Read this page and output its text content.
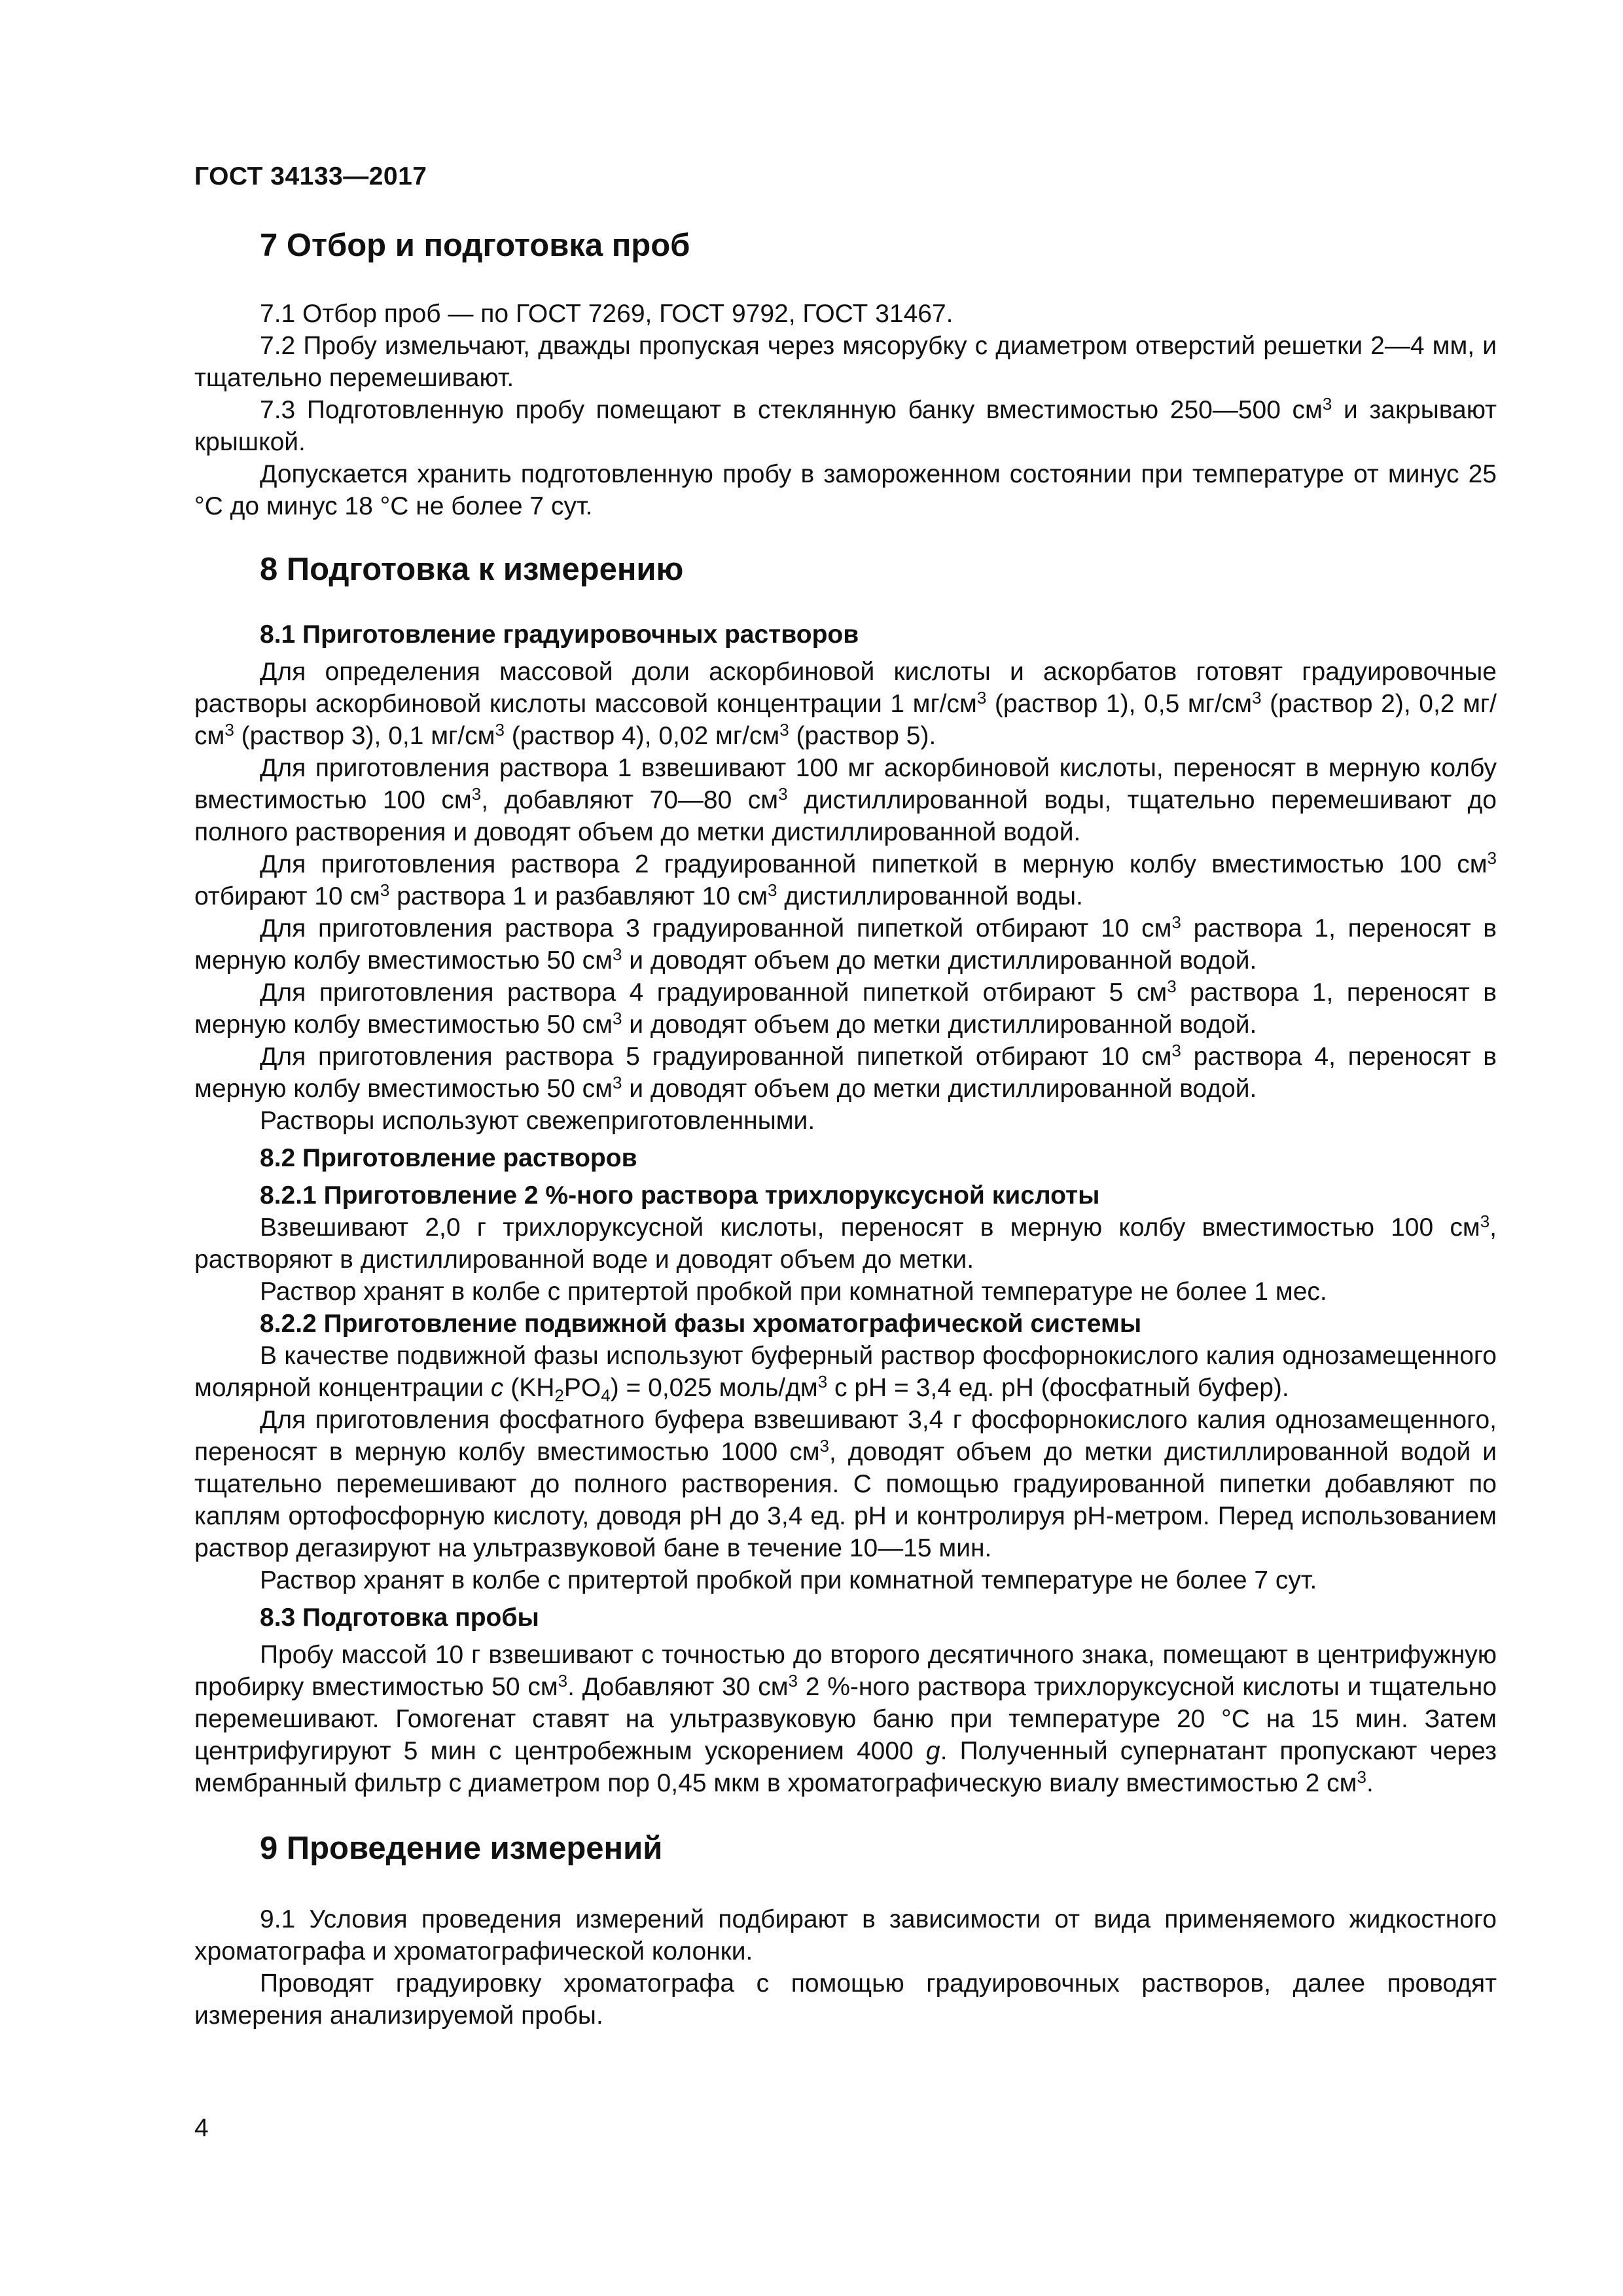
ГОСТ 34133—2017
7 Отбор и подготовка проб

7.1 Отбор проб — по ГОСТ 7269, ГОСТ 9792, ГОСТ 31467.

7.2 Пробу измельчают, дважды пропуская через мясорубку с диаметром отверстий решетки 2—4 мм, и тщательно перемешивают.

7.3 Подготовленную пробу помещают в стеклянную банку вместимостью 250—500 $см^3$ и закрывают крышкой.

Допускается хранить подготовленную пробу в замороженном состоянии при температуре от минус 25 °С до минус 18 °С не более 7 сут.

8 Подготовка к измерению
8.1 Приготовление градуировочных растворов

Для определения массовой доли аскорбиновой кислоты и аскорбатов готовят градуировочные растворы аскорбиновой кислоты массовой концентрации 1 $мг/см^3$ (раствор 1), 0,5 $мг/см^3$ (раствор 2), 0,2 $мг/см^3$ (раствор 3), 0,1 $мг/см^3$ (раствор 4), 0,02 $мг/см^3$ (раствор 5).

Для приготовления раствора 1 взвешивают 100 мг аскорбиновой кислоты, переносят в мерную колбу вместимостью 100 $см^3$, добавляют 70—80 $см^3$ дистиллированной воды, тщательно перемешивают до полного растворения и доводят объем до метки дистиллированной водой.

Для приготовления раствора 2 градуированной пипеткой в мерную колбу вместимостью 100 $см^3$ отбирают 10 $см^3$ раствора 1 и разбавляют 10 $см^3$ дистиллированной воды.

Для приготовления раствора 3 градуированной пипеткой отбирают 10 $см^3$ раствора 1, переносят в мерную колбу вместимостью 50 $см^3$ и доводят объем до метки дистиллированной водой.

Для приготовления раствора 4 градуированной пипеткой отбирают 5 $см^3$ раствора 1, переносят в мерную колбу вместимостью 50 $см^3$ и доводят объем до метки дистиллированной водой.

Для приготовления раствора 5 градуированной пипеткой отбирают 10 $см^3$ раствора 4, переносят в мерную колбу вместимостью 50 $см^3$ и доводят объем до метки дистиллированной водой.

Растворы используют свежеприготовленными.

8.2 Приготовление растворов
8.2.1 Приготовление 2 %-ного раствора трихлоруксусной кислоты

Взвешивают 2,0 г трихлоруксусной кислоты, переносят в мерную колбу вместимостью 100 $см^3$, растворяют в дистиллированной воде и доводят объем до метки.

Раствор хранят в колбе с притертой пробкой при комнатной температуре не более 1 мес.

8.2.2 Приготовление подвижной фазы хроматографической системы

В качестве подвижной фазы используют буферный раствор фосфорнокислого калия однозамещенного молярной концентрации c $(KH_2PO_4) = 0,025$ моль/$дм^3$ с pH = 3,4 ед. pH (фосфатный буфер).

Для приготовления фосфатного буфера взвешивают 3,4 г фосфорнокислого калия однозамещенного, переносят в мерную колбу вместимостью 1000 $см^3$, доводят объем до метки дистиллированной водой и тщательно перемешивают до полного растворения. С помощью градуированной пипетки добавляют по каплям ортофосфорную кислоту, доводя pH до 3,4 ед. pH и контролируя pH-метром. Перед использованием раствор дегазируют на ультразвуковой бане в течение 10—15 мин.

Раствор хранят в колбе с притертой пробкой при комнатной температуре не более 7 сут.

8.3 Подготовка пробы

Пробу массой 10 г взвешивают с точностью до второго десятичного знака, помещают в центрифужную пробирку вместимостью 50 $см^3$. Добавляют 30 $см^3$ 2 %-ного раствора трихлоруксусной кислоты и тщательно перемешивают. Гомогенат ставят на ультразвуковую баню при температуре 20 °С на 15 мин. Затем центрифугируют 5 мин с центробежным ускорением 4000 g. Полученный супернатант пропускают через мембранный фильтр с диаметром пор 0,45 мкм в хроматографическую виалу вместимостью 2 $см^3$.

9 Проведение измерений

9.1 Условия проведения измерений подбирают в зависимости от вида применяемого жидкостного хроматографа и хроматографической колонки.

Проводят градуировку хроматографа с помощью градуировочных растворов, далее проводят измерения анализируемой пробы.

4
